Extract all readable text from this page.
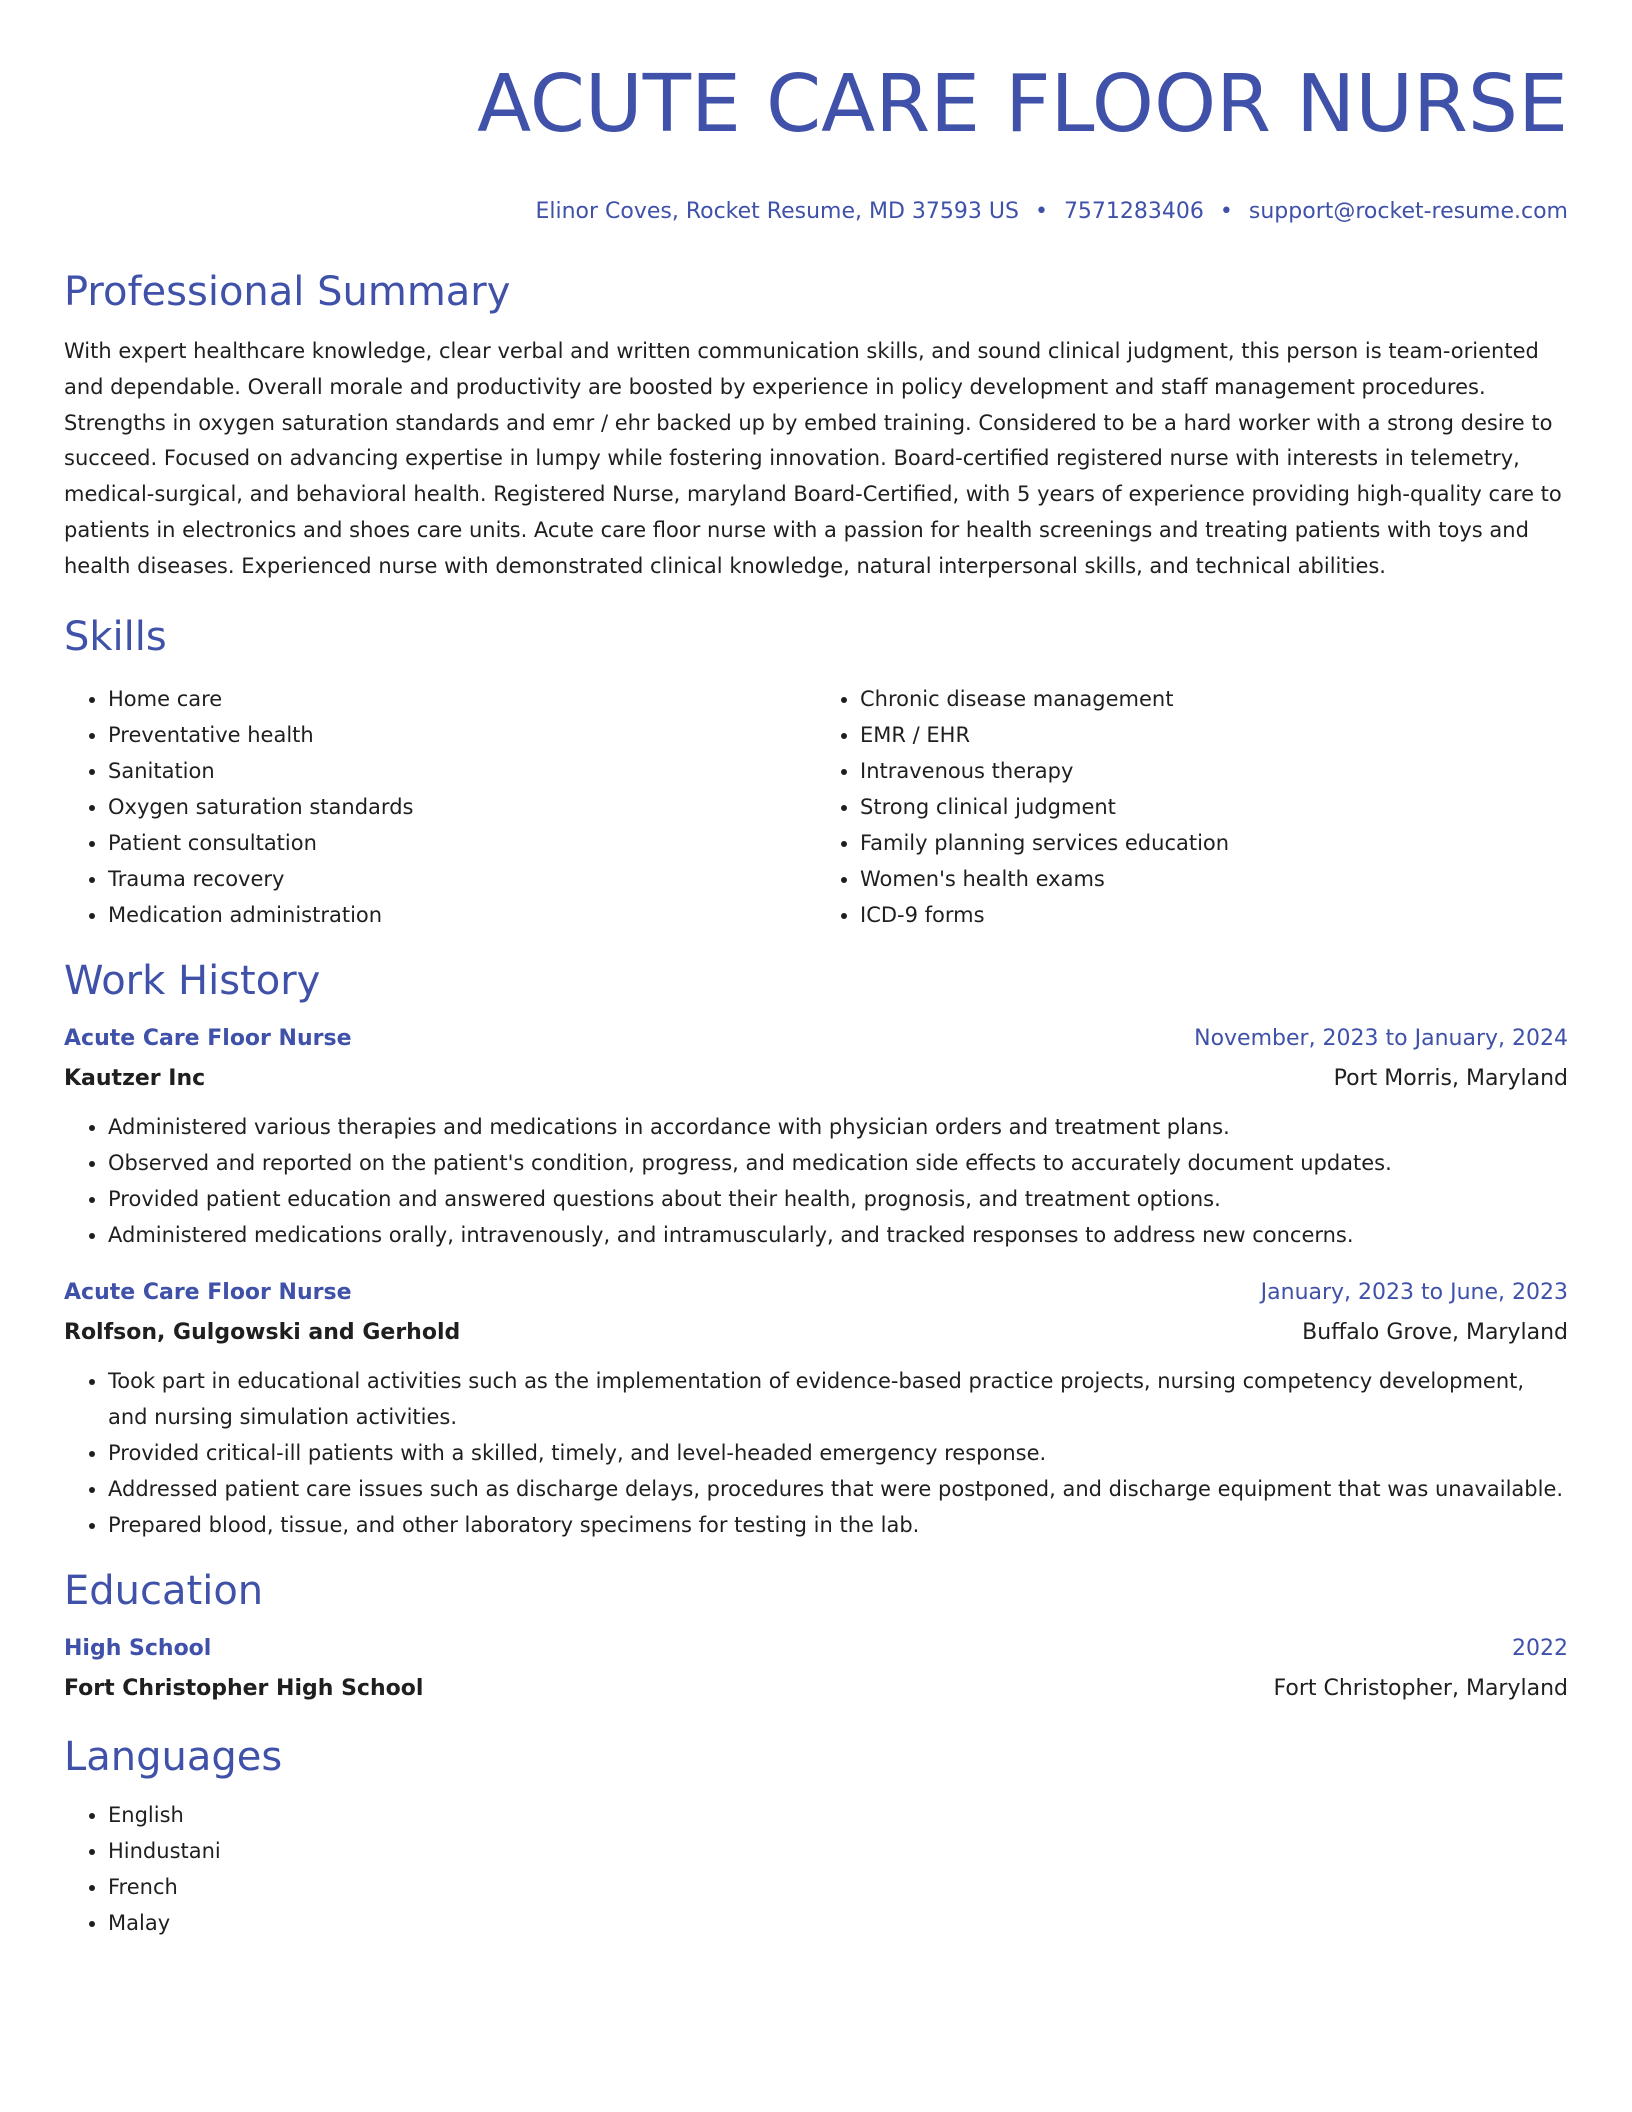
ACUTE CARE FLOOR NURSE
Elinor Coves, Rocket Resume, MD 37593 US • 7571283406 • support@rocket-resume.com
Professional Summary

With expert healthcare knowledge, clear verbal and written communication skills, and sound clinical judgment, this person is team-oriented and dependable. Overall morale and productivity are boosted by experience in policy development and staff management procedures. Strengths in oxygen saturation standards and emr / ehr backed up by embed training. Considered to be a hard worker with a strong desire to succeed. Focused on advancing expertise in lumpy while fostering innovation. Board-certified registered nurse with interests in telemetry, medical-surgical, and behavioral health. Registered Nurse, maryland Board-Certified, with 5 years of experience providing high-quality care to patients in electronics and shoes care units. Acute care floor nurse with a passion for health screenings and treating patients with toys and health diseases. Experienced nurse with demonstrated clinical knowledge, natural interpersonal skills, and technical abilities.

Skills
• Home care
• Preventative health
• Sanitation
• Oxygen saturation standards
• Patient consultation
• Trauma recovery
• Medication administration
• Chronic disease management
• EMR / EHR
• Intravenous therapy
• Strong clinical judgment
• Family planning services education
• Women's health exams
• ICD-9 forms
Work History
Acute Care Floor Nurse	November, 2023 to January, 2024
Kautzer Inc	Port Morris, Maryland
• Administered various therapies and medications in accordance with physician orders and treatment plans.
• Observed and reported on the patient's condition, progress, and medication side effects to accurately document updates.
• Provided patient education and answered questions about their health, prognosis, and treatment options.
• Administered medications orally, intravenously, and intramuscularly, and tracked responses to address new concerns.
Acute Care Floor Nurse	January, 2023 to June, 2023
Rolfson, Gulgowski and Gerhold	Buffalo Grove, Maryland
• Took part in educational activities such as the implementation of evidence-based practice projects, nursing competency development, and nursing simulation activities.
• Provided critical-ill patients with a skilled, timely, and level-headed emergency response.
• Addressed patient care issues such as discharge delays, procedures that were postponed, and discharge equipment that was unavailable.
• Prepared blood, tissue, and other laboratory specimens for testing in the lab.
Education
High School	2022
Fort Christopher High School	Fort Christopher, Maryland
Languages
• English
• Hindustani
• French
• Malay
